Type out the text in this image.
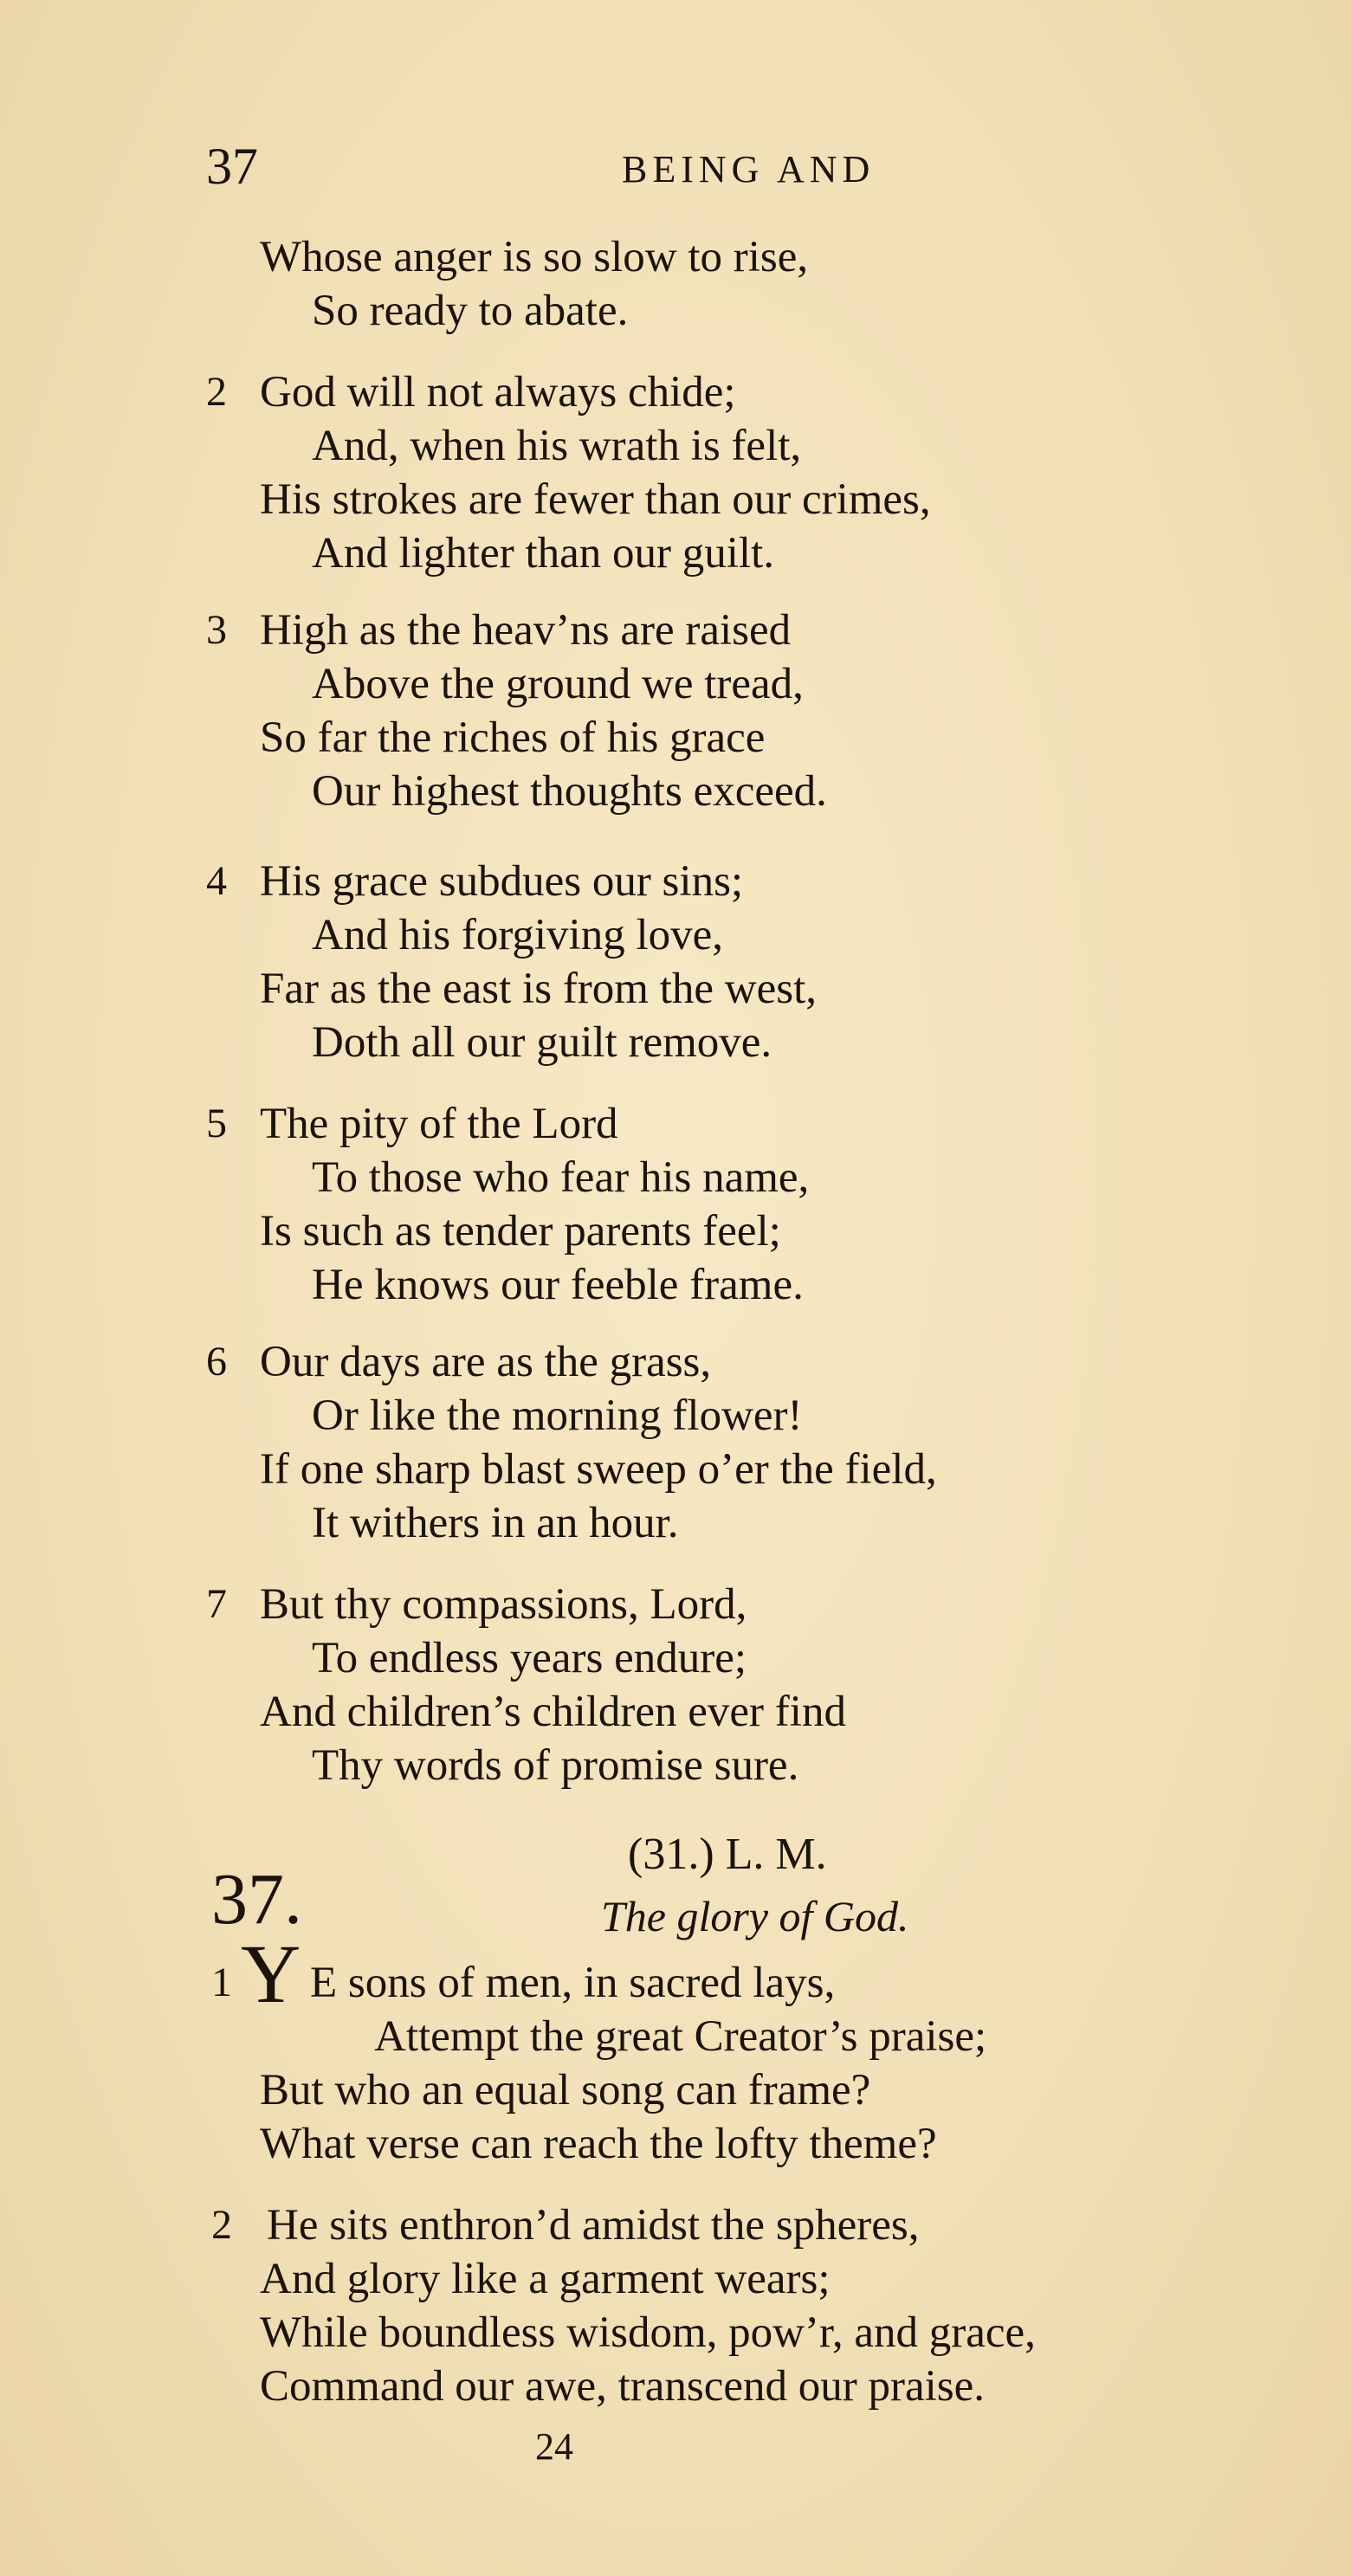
37	BEING AND
Whose anger is so slow to rise,
So ready to abate.
2 God will not always chide;
And, when his wrath is felt,
His strokes are fewer than our crimes,
And lighter than our guilt.
3 High as the heav’ns are raised
Above the ground we tread,
So far the riches of his grace
Our highest thoughts exceed.
4 His grace subdues our sins;
And his forgiving love,
Far as the east is from the west,
Doth all our guilt remove.
5 The pity of the Lord
To those who fear his name,
Is such as tender parents feel;
He knows our feeble frame.
6 Our days are as the grass,
Or like the morning flower!
If one sharp blast sweep o’er the field,
It withers in an hour.
7 But thy compassions, Lord,
To endless years endure;
And children’s children ever find
Thy words of promise sure.
37.
(31.) L. M.
The glory of God.
1 Y E sons of men, in sacred lays,
Attempt the great Creator’s praise;
But who an equal song can frame?
What verse can reach the lofty theme?
2 He sits enthron’d amidst the spheres,
And glory like a garment wears;
While boundless wisdom, pow’r, and grace,
Command our awe, transcend our praise.
24
